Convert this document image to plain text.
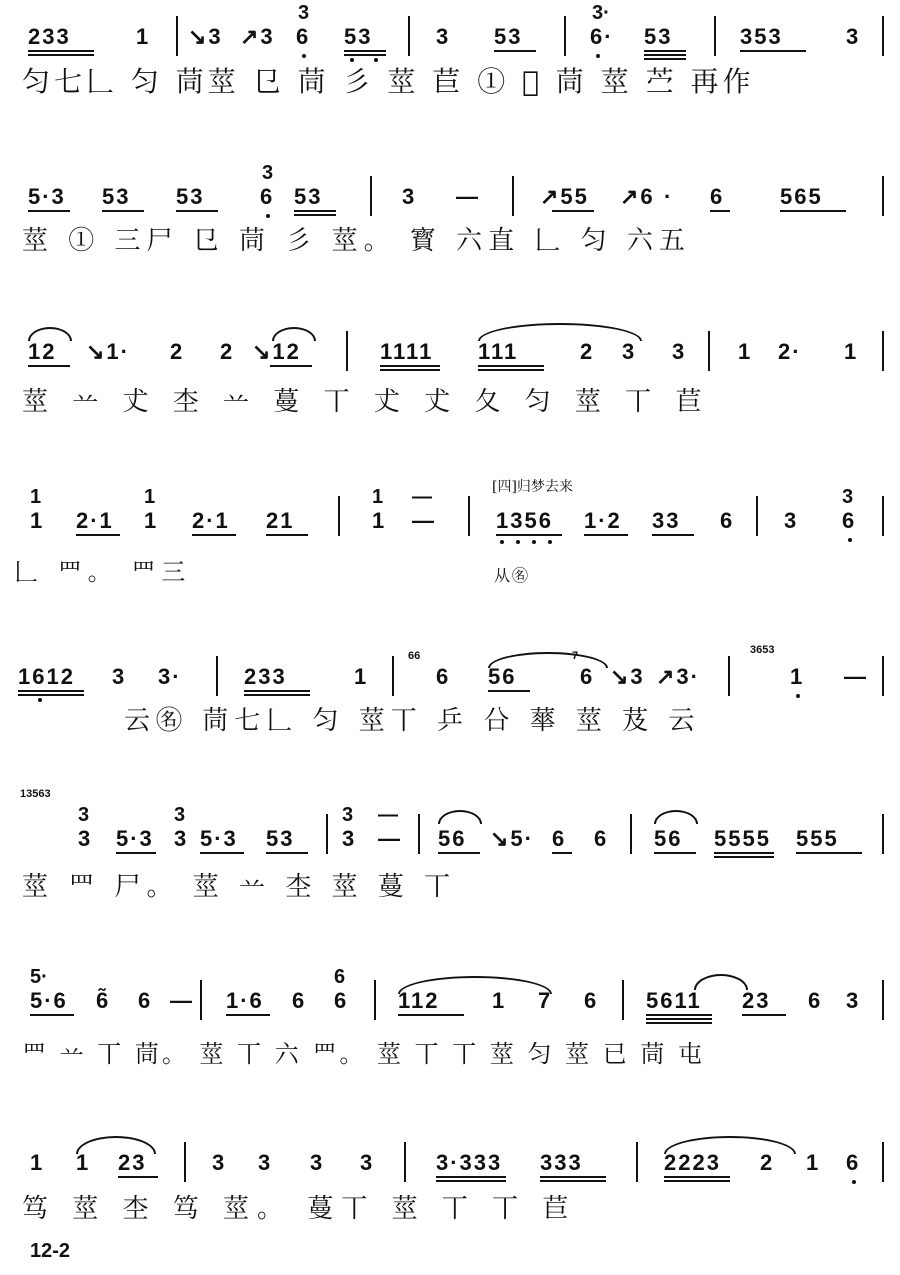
3	3·
233	1 ↘3 ↗3 6 53	3 53	6· 53	353	3
匀七𠃊 匀 茼莖 㔾 茼 彡 莖 苣 ① 𨊬 茼 莖 苎 再作
3
5·3 53 53	6 53	3 —	↗55 ↗6 · 6	565
莖 ① 三尸 㔾 茼 彡 莖。 寳 六直 𠃊 匀 六五
12 ↘1· 2 2 ↘12	1111 111	2 3 3 1 2· 1
莖 䒑 𠀋 杢 䒑 蔓 丅 𠀋 𠀋 夂 匀 莖 丅 苣
[四]归梦去来
1	1	1 —	3
1 2·1 1 2·1 21	1 —	1356 1·2 33 6 3 6
𠃊 罒。 罒三	从㊔
66	7	3653
1612 3 3·	233	1	6 56	6 ↘3 ↗3·	1 —
云㊔ 茼七𠃊 匀 莖丅 乒 㕣 蕐 莖 芨 云
13563
3	3	3 —
3 5·3 3 5·3 53 3 — 56 ↘5· 6 6 56 5555 555
莖 罒 尸。 莖 䒑 杢 莖 蔓 丅
5·	6
5·6 6̃ 6 — 1·6 6 6 112 1 7 6 5611 23 6 3
罒 䒑 丅 茼。 莖 丅 六 罒。 莖 丅 丅 莖 匀 莖 已 茼 屯
1 1 23	3 3 3 3	3·333 333	2223 2 1 6
笃 莖 杢 笃 莖。 蔓丅 莖 丅 丅 苣
12-2
